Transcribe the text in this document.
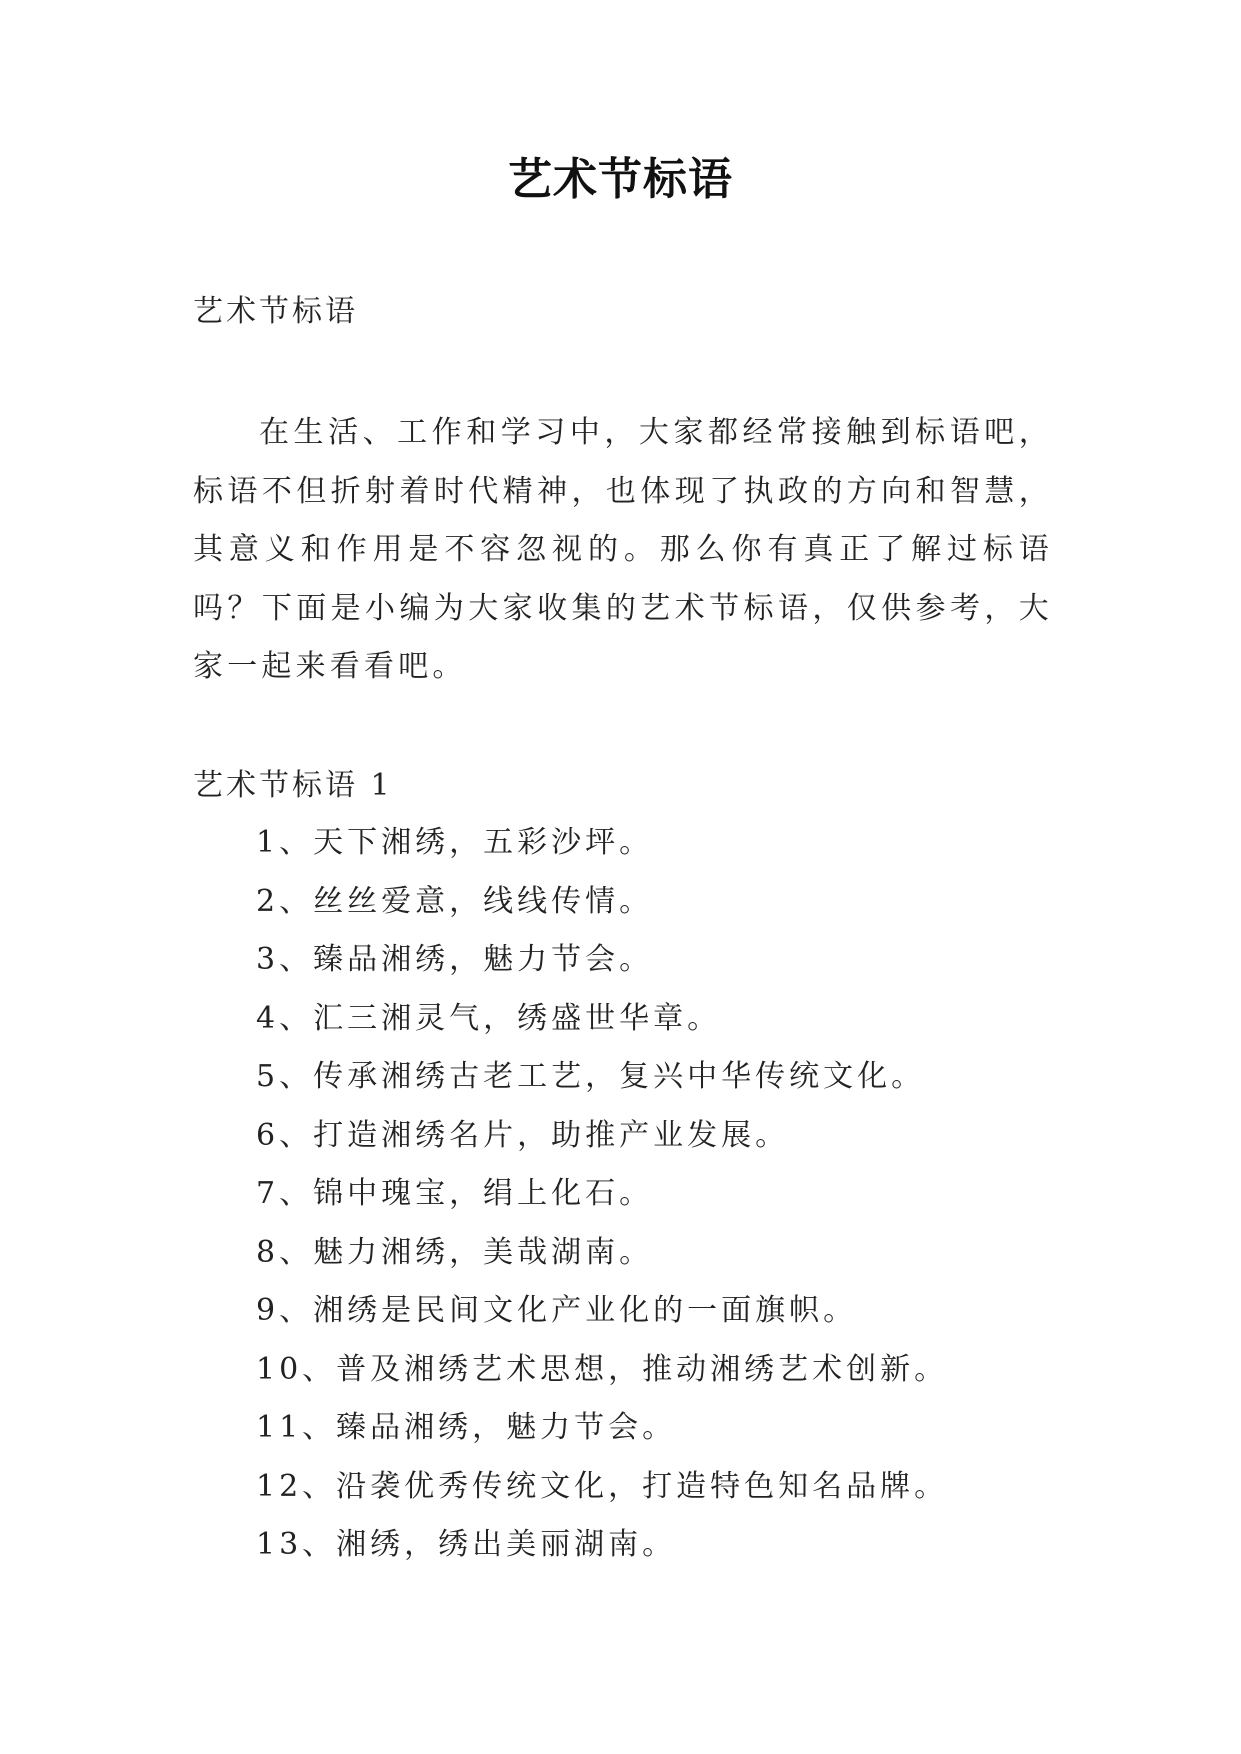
艺术节标语
艺术节标语

在生活、工作和学习中，大家都经常接触到标语吧，标语不但折射着时代精神，也体现了执政的方向和智慧，其意义和作用是不容忽视的。那么你有真正了解过标语吗？下面是小编为大家收集的艺术节标语，仅供参考，大家一起来看看吧。

艺术节标语 1
1、天下湘绣，五彩沙坪。
2、丝丝爱意，线线传情。
3、臻品湘绣，魅力节会。
4、汇三湘灵气，绣盛世华章。
5、传承湘绣古老工艺，复兴中华传统文化。
6、打造湘绣名片，助推产业发展。
7、锦中瑰宝，绢上化石。
8、魅力湘绣，美哉湖南。
9、湘绣是民间文化产业化的一面旗帜。
10、普及湘绣艺术思想，推动湘绣艺术创新。
11、臻品湘绣，魅力节会。
12、沿袭优秀传统文化，打造特色知名品牌。
13、湘绣，绣出美丽湖南。
